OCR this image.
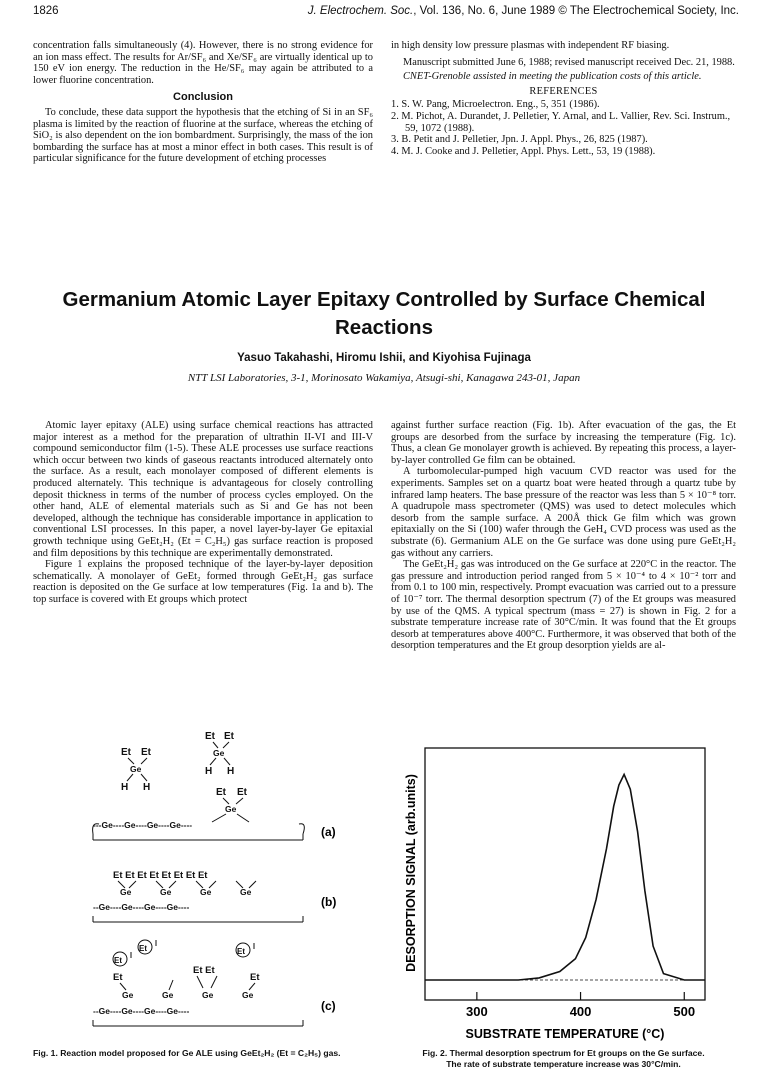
1826	J. Electrochem. Soc., Vol. 136, No. 6, June 1989 © The Electrochemical Society, Inc.

concentration falls simultaneously (4). However, there is no strong evidence for an ion mass effect. The results for Ar/SF₆ and Xe/SF₆ are virtually identical up to 150 eV ion energy. The reduction in the He/SF₆ may again be attributed to a lower fluorine concentration.

Conclusion

To conclude, these data support the hypothesis that the etching of Si in an SF₆ plasma is limited by the reaction of fluorine at the surface, whereas the etching of SiO₂ is also dependent on the ion bombardment. Surprisingly, the mass of the ion bombarding the surface has at most a minor effect in both cases. This result is of particular significance for the future development of etching processes

in high density low pressure plasmas with independent RF biasing.

Manuscript submitted June 6, 1988; revised manuscript received Dec. 21, 1988.

CNET-Grenoble assisted in meeting the publication costs of this article.

REFERENCES

1. S. W. Pang, Microelectron. Eng., 5, 351 (1986).

2. M. Pichot, A. Durandet, J. Pelletier, Y. Arnal, and L. Vallier, Rev. Sci. Instrum., 59, 1072 (1988).

3. B. Petit and J. Pelletier, Jpn. J. Appl. Phys., 26, 825 (1987).

4. M. J. Cooke and J. Pelletier, Appl. Phys. Lett., 53, 19 (1988).

Germanium Atomic Layer Epitaxy Controlled by Surface Chemical Reactions
Yasuo Takahashi, Hiromu Ishii, and Kiyohisa Fujinaga
NTT LSI Laboratories, 3-1, Morinosato Wakamiya, Atsugi-shi, Kanagawa 243-01, Japan

Atomic layer epitaxy (ALE) using surface chemical reactions has attracted major interest as a method for the preparation of ultrathin II-VI and III-V compound semiconductor film (1-5). These ALE processes use surface reactions which occur between two kinds of gaseous reactants introduced alternately onto the surface. As a result, each monolayer composed of different elements is produced alternately. This technique is advantageous for closely controlling deposit thickness in terms of the number of process cycles employed. On the other hand, ALE of elemental materials such as Si and Ge has not been developed, although the technique has considerable importance in application to conventional LSI processes. In this paper, a novel layer-by-layer Ge epitaxial growth technique using GeEt₂H₂ (Et = C₂H₅) gas surface reaction is proposed and film depositions by this technique are experimentally demonstrated.

Figure 1 explains the proposed technique of the layer-by-layer deposition schematically. A monolayer of GeEt₂ formed through GeEt₂H₂ gas surface reaction is deposited on the Ge surface at low temperatures (Fig. 1a and b). The top surface is covered with Et groups which protect

against further surface reaction (Fig. 1b). After evacuation of the gas, the Et groups are desorbed from the surface by increasing the temperature (Fig. 1c). Thus, a clean Ge monolayer growth is achieved. By repeating this process, a layer-by-layer controlled Ge film can be obtained.

A turbomolecular-pumped high vacuum CVD reactor was used for the experiments. Samples set on a quartz boat were heated through a quartz tube by infrared lamp heaters. The base pressure of the reactor was less than 5 × 10⁻⁸ torr. A quadrupole mass spectrometer (QMS) was used to detect molecules which desorb from the sample surface. A 200Å thick Ge film which was grown epitaxially on the Si (100) wafer through the GeH₄ CVD process was used as the substrate (6). Germanium ALE on the Ge surface was done using pure GeEt₂H₂ gas without any carriers.

The GeEt₂H₂ gas was introduced on the Ge surface at 220°C in the reactor. The gas pressure and introduction period ranged from 5 × 10⁻⁴ to 4 × 10⁻² torr and from 0.1 to 100 min, respectively. Prompt evacuation was carried out to a pressure of 10⁻⁷ torr. The thermal desorption spectrum (7) of the Et groups was measured by use of the QMS. A typical spectrum (mass = 27) is shown in Fig. 2 for a substrate temperature increase rate of 30°C/min. It was found that the Et groups desorb at temperatures above 400°C. Furthermore, it was observed that both of the desorption temperatures and the Et group desorption yields are al-

Et Et
Ge
H H
Et Et
Ge
H H
Et Et
Ge
---Ge----Ge----Ge----Ge----
Et Et Et Et Et Et Et Et
Ge	Ge	Ge	Ge
--Ge----Ge----Ge----Ge----
Et
Et	Et
Et
Et Et
Et
Ge	Ge	Ge	Ge
--Ge----Ge----Ge----Ge----
(a)
(b)
(c)
Fig. 1. Reaction model proposed for Ge ALE using GeEt₂H₂ (Et = C₂H₅) gas.
300	400	500
DESORPTION SIGNAL (arb.units)
SUBSTRATE TEMPERATURE (°C)
Fig. 2. Thermal desorption spectrum for Et groups on the Ge surface.
The rate of substrate temperature increase was 30°C/min.
